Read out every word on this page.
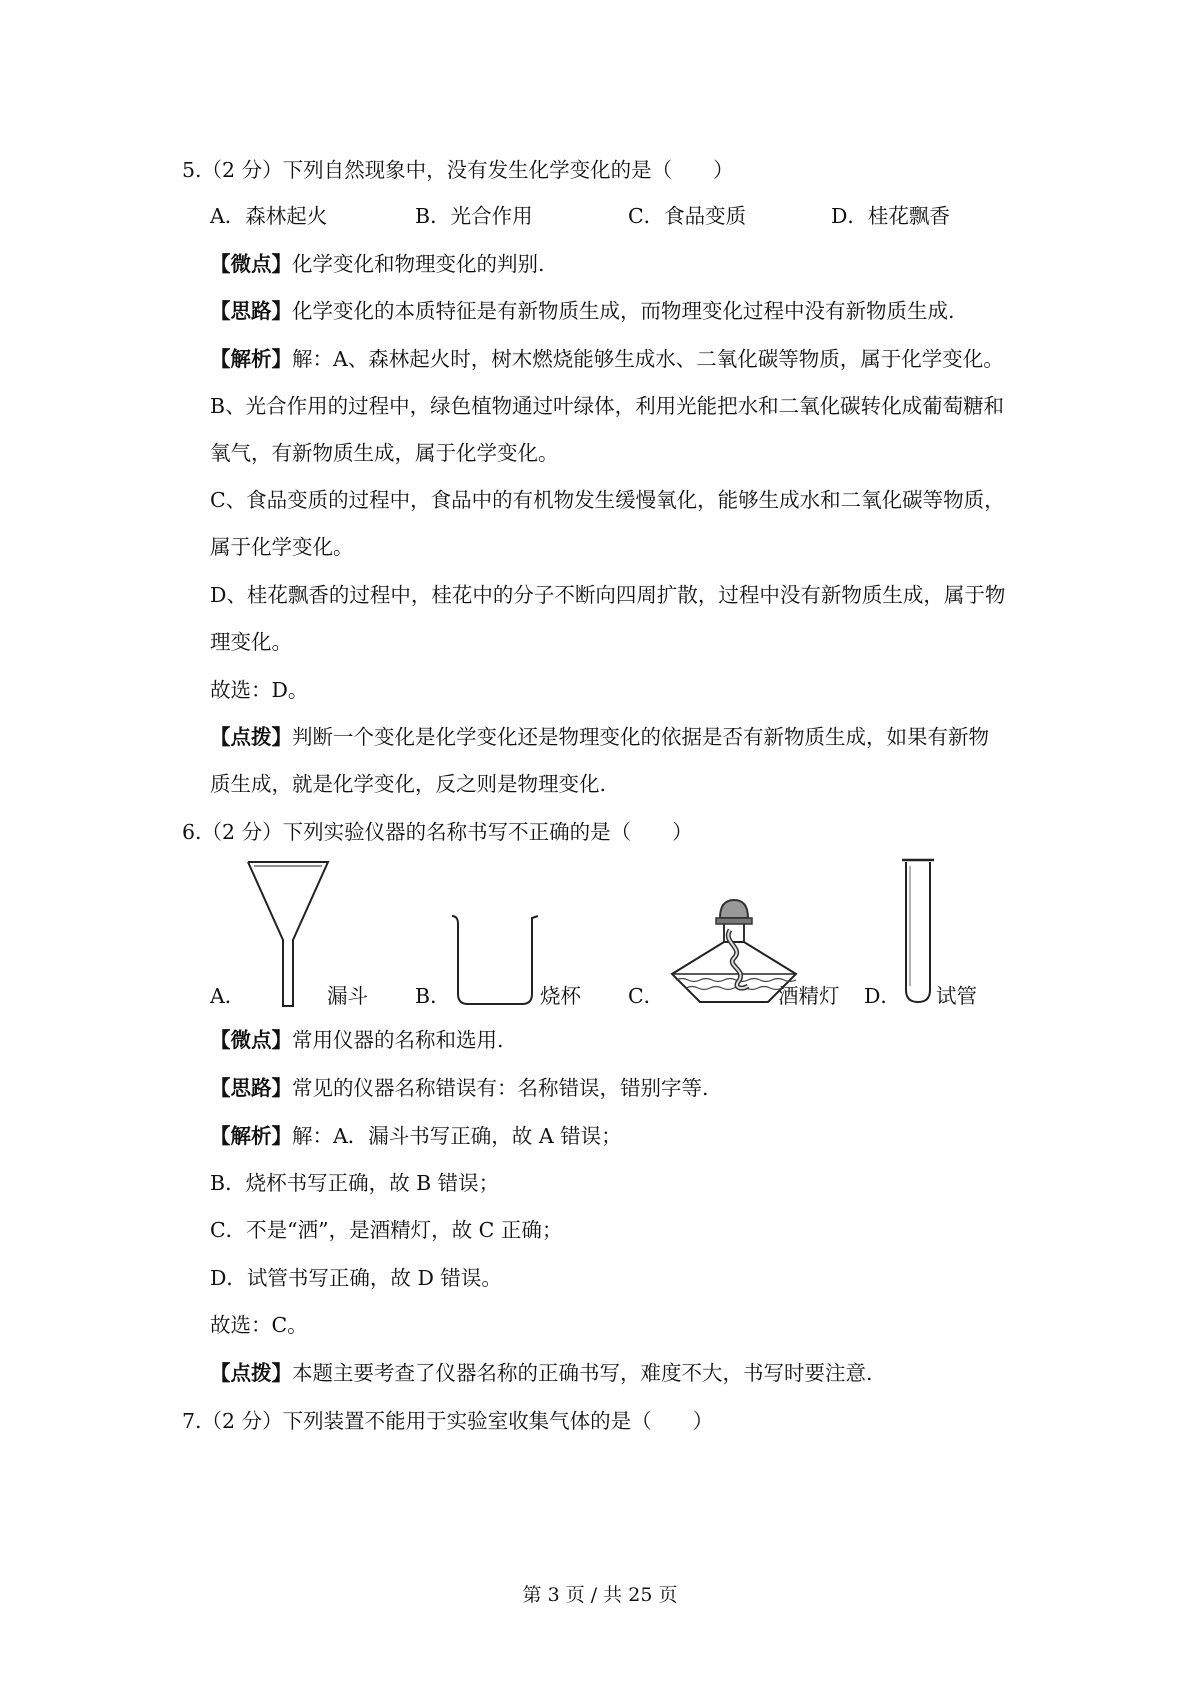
5.（2 分）下列自然现象中，没有发生化学变化的是（　　）
A．森林起火	B．光合作用	C．食品变质	D．桂花飘香
【微点】化学变化和物理变化的判别.
【思路】化学变化的本质特征是有新物质生成，而物理变化过程中没有新物质生成.
【解析】解：A、森林起火时，树木燃烧能够生成水、二氧化碳等物质，属于化学变化。
B、光合作用的过程中，绿色植物通过叶绿体，利用光能把水和二氧化碳转化成葡萄糖和
氧气，有新物质生成，属于化学变化。
C、食品变质的过程中，食品中的有机物发生缓慢氧化，能够生成水和二氧化碳等物质，
属于化学变化。
D、桂花飘香的过程中，桂花中的分子不断向四周扩散，过程中没有新物质生成，属于物
理变化。
故选：D。
【点拨】判断一个变化是化学变化还是物理变化的依据是否有新物质生成，如果有新物
质生成，就是化学变化，反之则是物理变化.
6.（2 分）下列实验仪器的名称书写不正确的是（　　）
A．	漏斗 B．	烧杯 C．	酒精灯 D． 试管
【微点】常用仪器的名称和选用.
【思路】常见的仪器名称错误有：名称错误，错别字等.
【解析】解：A．漏斗书写正确，故 A 错误；
B．烧杯书写正确，故 B 错误；
C．不是“洒”，是酒精灯，故 C 正确；
D．试管书写正确，故 D 错误。
故选：C。
【点拨】本题主要考查了仪器名称的正确书写，难度不大，书写时要注意.
7.（2 分）下列装置不能用于实验室收集气体的是（　　）
第 3 页 / 共 25 页
